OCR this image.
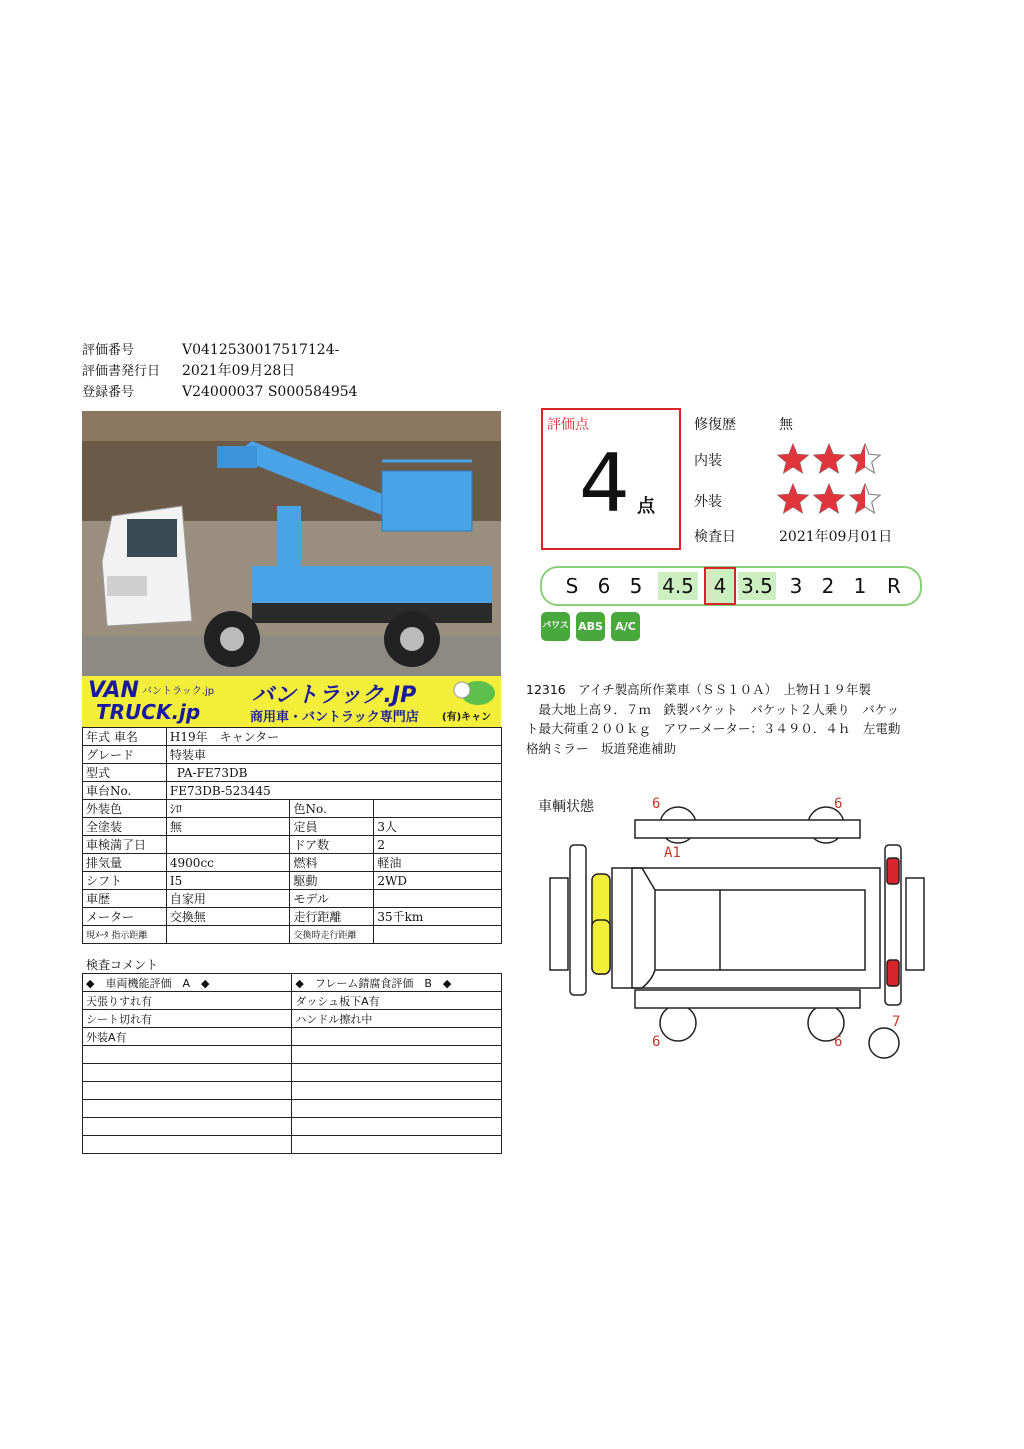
評価番号	V0412530017517124-
評価書発行日 2021年09月28日
登録番号	V24000037 S000584954
VAN バントラック.jp
TRUCK.jp
バントラック.JP
商用車・バントラック専門店 (有)キャン
年式 車名	H19年　キャンター		
グレード	特装車		
型式	PA-FE73DB		
車台No.	FE73DB-523445		
外装色	ｼﾛ	色No.	
全塗装	無	定員	3人
車検満了日		ドア数	2
排気量	4900cc	燃料	軽油
シフト	I5	駆動	2WD
車歴	自家用	モデル	
メーター	交換無	走行距離	35千km
現ﾒｰﾀ 指示距離		交換時走行距離	
検査コメント
◆　車両機能評価　A　◆	◆　フレーム錆腐食評価　B　◆
天張りすれ有	ダッシュ板下A有
シート切れ有	ハンドル擦れ中
外装A有	

評価点
4 点
修復歴	無
内装
外装
検査日	2021年09月01日
S 6 5 4.5 4 3.5 3 2 1	R
パワステ
ABS	A/C
12316　アイチ製高所作業車（ＳＳ１０Ａ）　上物Ｈ１９年製
　最大地上高９．７ｍ　鉄製バケット　バケット２人乗り　バケッ
ト最大荷重２００ｋｇ　アワーメーター：３４９０．４ｈ　左電動
格納ミラー　坂道発進補助
車輌状態	6	6
A1
6	6
7
